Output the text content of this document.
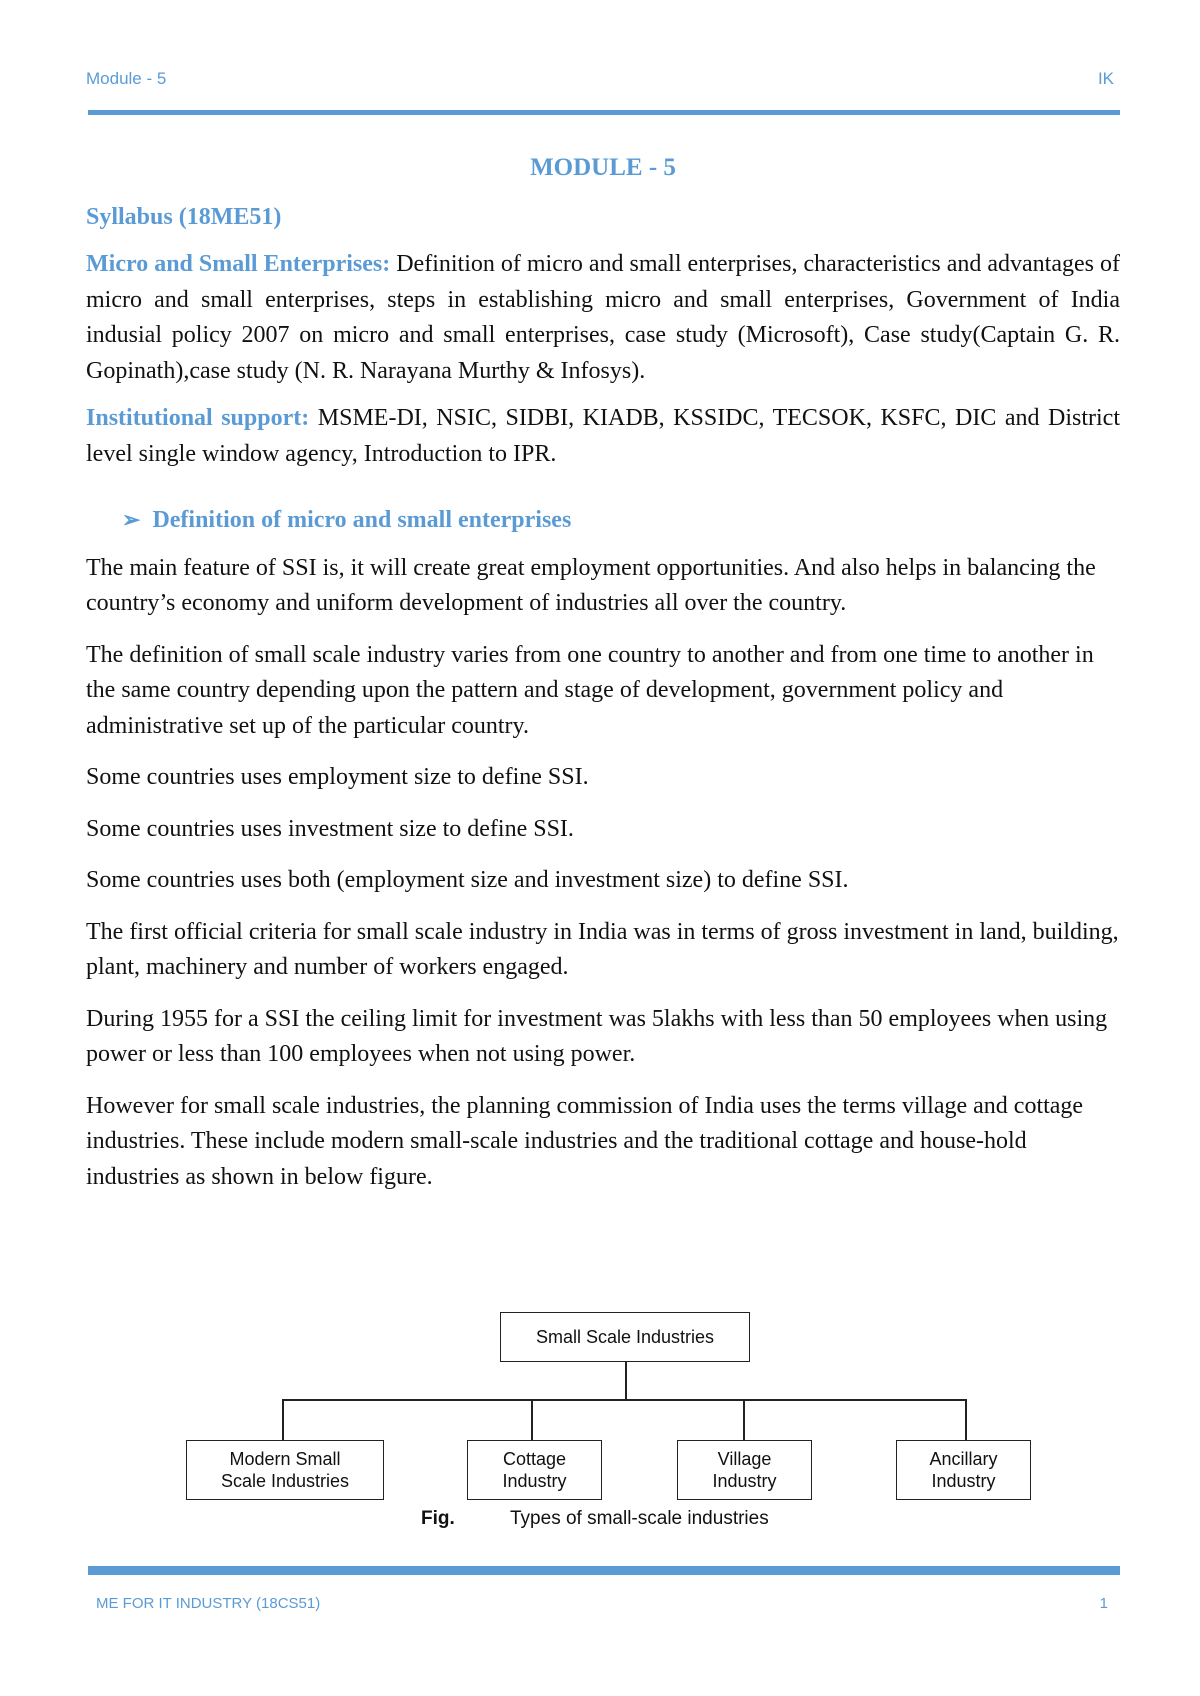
Module - 5	IK
MODULE - 5
Syllabus (18ME51)
Micro and Small Enterprises: Definition of micro and small enterprises, characteristics and advantages of micro and small enterprises, steps in establishing micro and small enterprises, Government of India indusial policy 2007 on micro and small enterprises, case study (Microsoft), Case study(Captain G. R. Gopinath),case study (N. R. Narayana Murthy & Infosys).
Institutional support: MSME-DI, NSIC, SIDBI, KIADB, KSSIDC, TECSOK, KSFC, DIC and District level single window agency, Introduction to IPR.
➢ Definition of micro and small enterprises
The main feature of SSI is, it will create great employment opportunities. And also helps in balancing the country’s economy and uniform development of industries all over the country.
The definition of small scale industry varies from one country to another and from one time to another in the same country depending upon the pattern and stage of development, government policy and administrative set up of the particular country.
Some countries uses employment size to define SSI.
Some countries uses investment size to define SSI.
Some countries uses both (employment size and investment size) to define SSI.
The first official criteria for small scale industry in India was in terms of gross investment in land, building, plant, machinery and number of workers engaged.
During 1955 for a SSI the ceiling limit for investment was 5lakhs with less than 50 employees when using power or less than 100 employees when not using power.
However for small scale industries, the planning commission of India uses the terms village and cottage industries. These include modern small-scale industries and the traditional cottage and house-hold industries as shown in below figure.
Small Scale Industries
Modern Small
Scale Industries
Cottage
Industry
Village
Industry
Ancillary
Industry
Fig.	Types of small-scale industries
ME FOR IT INDUSTRY (18CS51)	1
